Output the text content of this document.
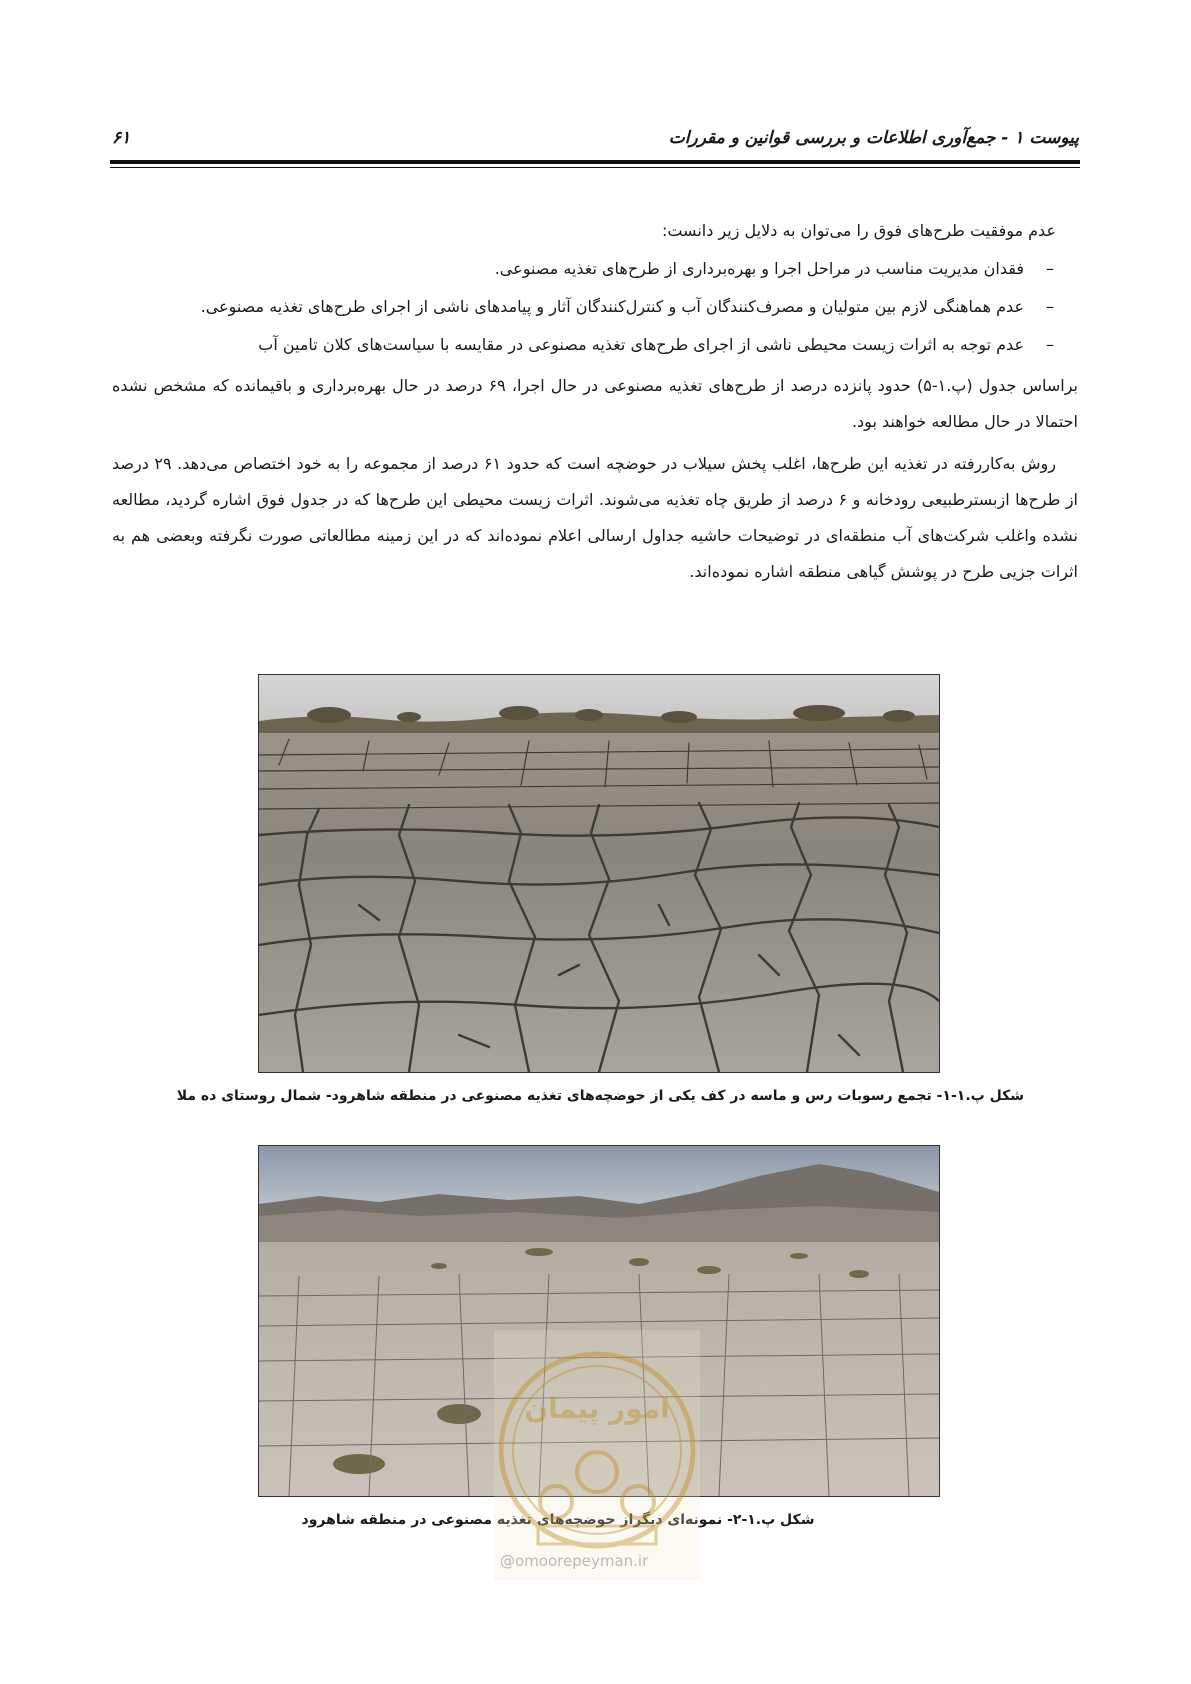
پیوست ۱ - جمع‌آوری اطلاعات و بررسی قوانین و مقررات
۶۱

عدم موفقیت طرح‌های فوق را می‌توان به دلایل زیر دانست:

–
فقدان مدیریت مناسب در مراحل اجرا و بهره‌برداری از طرح‌های تغذیه مصنوعی.

–
عدم هماهنگی لازم بین متولیان و مصرف‌کنندگان آب و کنترل‌کنندگان آثار و پیامدهای ناشی از اجرای طرح‌های تغذیه مصنوعی.

–
عدم توجه به اثرات زیست محیطی ناشی از اجرای طرح‌های تغذیه مصنوعی در مقایسه با سیاست‌های کلان تامین آب

براساس جدول (پ.۱-۵) حدود پانزده درصد از طرح‌های تغذیه مصنوعی در حال اجرا، ۶۹ درصد در حال بهره‌برداری و باقیمانده که مشخص نشده احتمالا در حال مطالعه خواهند بود.

روش به‌کاررفته در تغذیه این طرح‌ها، اغلب پخش سیلاب در حوضچه است که حدود ۶۱ درصد از مجموعه را به خود اختصاص می‌دهد. ۲۹ درصد از طرح‌ها ازبسترطبیعی رودخانه و ۶ درصد از طریق چاه تغذیه می‌شوند. اثرات زیست محیطی این طرح‌ها که در جدول فوق اشاره گردید، مطالعه نشده واغلب شرکت‌های آب منطقه‌ای در توضیحات حاشیه جداول ارسالی اعلام نموده‌اند که در این زمینه مطالعاتی صورت نگرفته وبعضی هم به اثرات جزیی طرح در پوشش گیاهی منطقه اشاره نموده‌اند.

شکل پ.۱-۱- تجمع رسوبات رس و ماسه در کف یکی از حوضچه‌های تغذیه مصنوعی در منطقه شاهرود- شمال روستای ده ملا
شکل پ.۱-۲- نمونه‌ای دیگراز حوضچه‌های تغذیه مصنوعی در منطقه شاهرود
امور پیمان
@omoorepeyman.ir
